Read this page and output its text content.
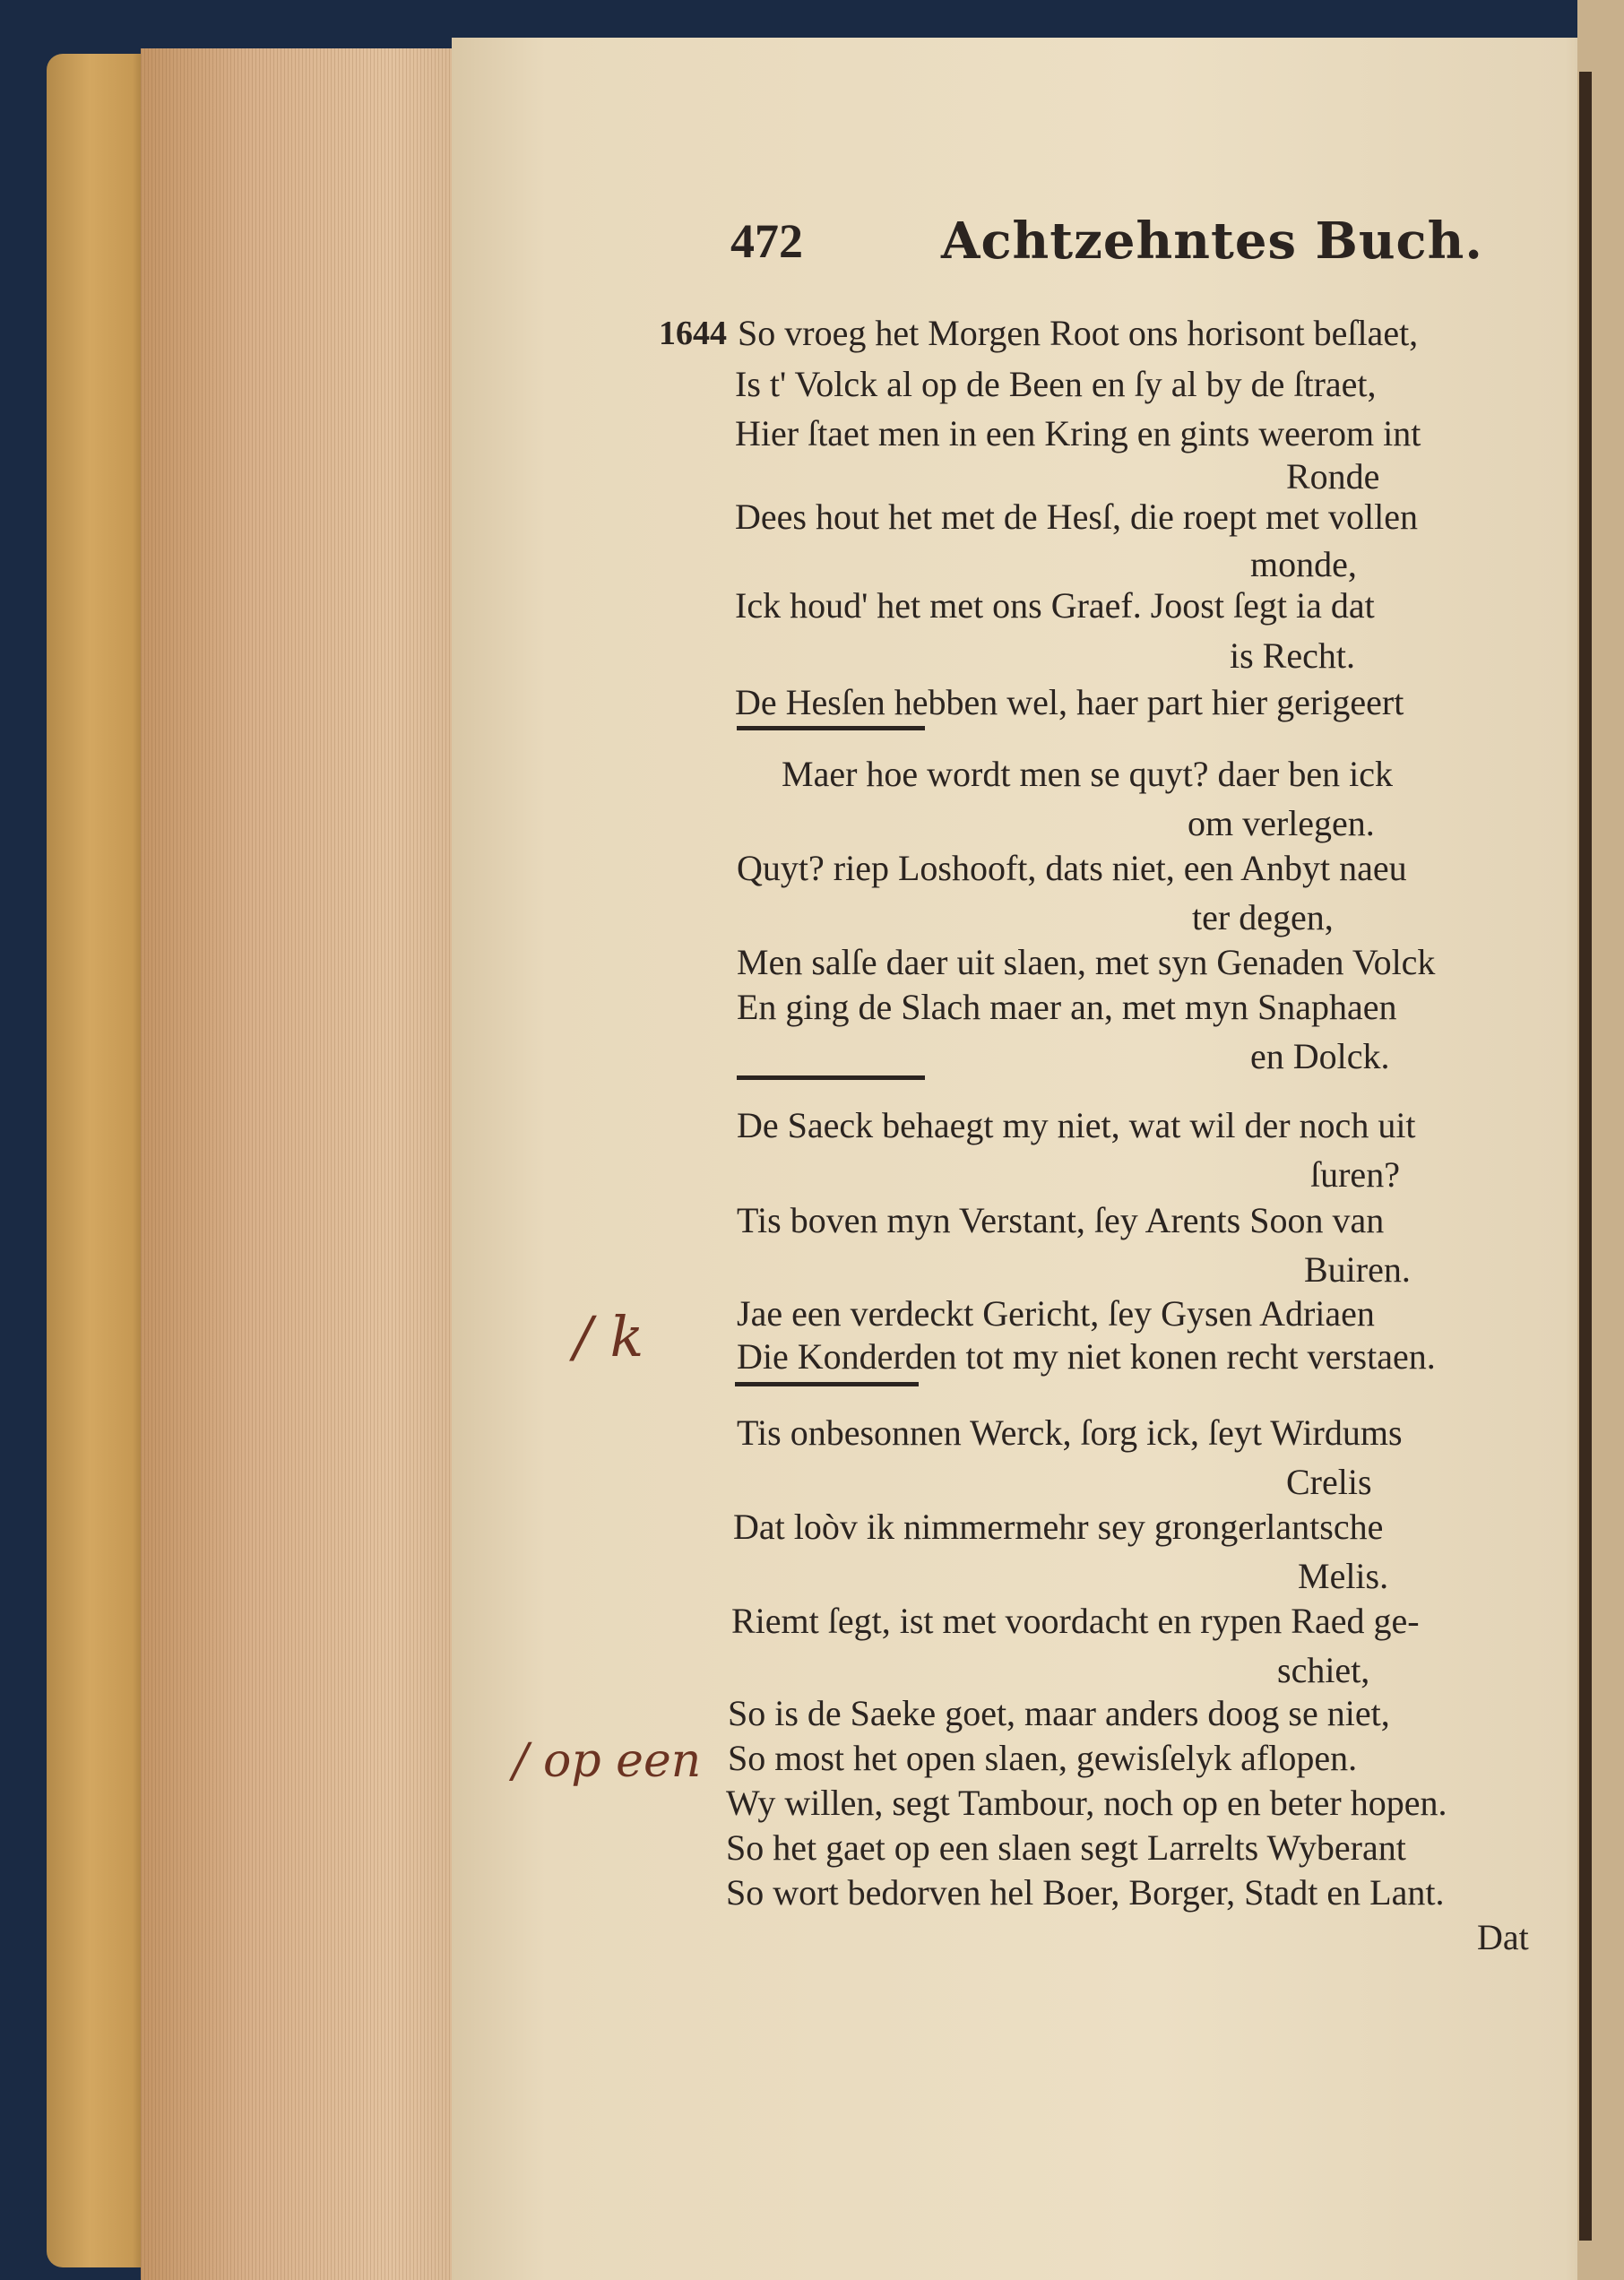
472	Achtzehntes Buch.
1644 So vroeg het Morgen Root ons horisont beſlaet,
Is t' Volck al op de Been en ſy al by de ſtraet,
Hier ſtaet men in een Kring en gints weerom int
Ronde
Dees hout het met de Hesſ, die roept met vollen
monde,
Ick houd' het met ons Graef. Joost ſegt ia dat
is Recht.
De Hesſen hebben wel, haer part hier gerigeert
Maer hoe wordt men se quyt? daer ben ick
om verlegen.
Quyt? riep Loshooft, dats niet, een Anbyt naeu
ter degen,
Men salſe daer uit slaen, met syn Genaden Volck
En ging de Slach maer an, met myn Snaphaen
en Dolck.
De Saeck behaegt my niet, wat wil der noch uit
ſuren?
Tis boven myn Verstant, ſey Arents Soon van
Buiren.
Jae een verdeckt Gericht, ſey Gysen Adriaen
Die Konderden tot my niet konen recht verstaen.
Tis onbesonnen Werck, ſorg ick, ſeyt Wirdums
Crelis
Dat loòv ik nimmermehr sey grongerlantsche
Melis.
Riemt ſegt, ist met voordacht en rypen Raed ge-
schiet,
So is de Saeke goet, maar anders doog se niet,
So most het open slaen, gewisſelyk aflopen.
Wy willen, segt Tambour, noch op en beter hopen.
So het gaet op een slaen segt Larrelts Wyberant
So wort bedorven hel Boer, Borger, Stadt en Lant.
Dat
/ k
/ op een
